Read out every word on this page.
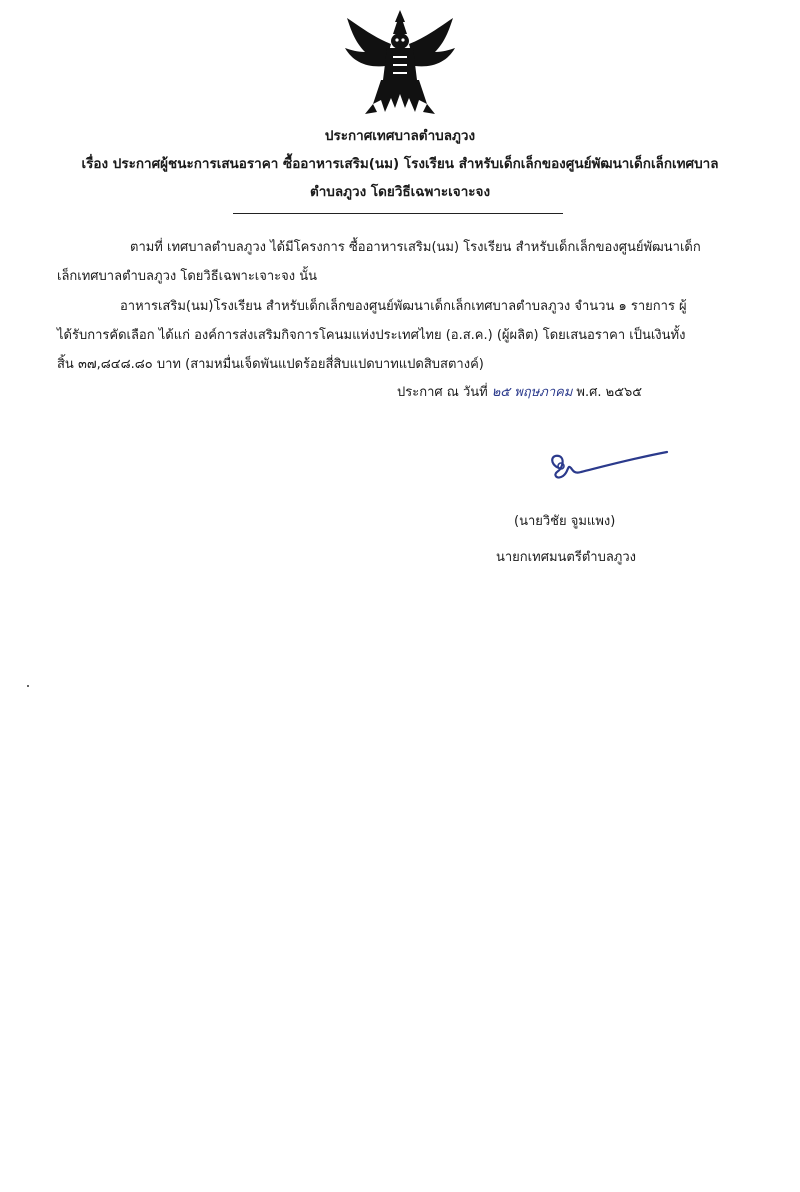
ประกาศเทศบาลตำบลภูวง
เรื่อง ประกาศผู้ชนะการเสนอราคา ซื้ออาหารเสริม(นม) โรงเรียน สำหรับเด็กเล็กของศูนย์พัฒนาเด็กเล็กเทศบาล
ตำบลภูวง โดยวิธีเฉพาะเจาะจง
ตามที่ เทศบาลตำบลภูวง ได้มีโครงการ ซื้ออาหารเสริม(นม) โรงเรียน สำหรับเด็กเล็กของศูนย์พัฒนาเด็ก
เล็กเทศบาลตำบลภูวง โดยวิธีเฉพาะเจาะจง นั้น
อาหารเสริม(นม)โรงเรียน สำหรับเด็กเล็กของศูนย์พัฒนาเด็กเล็กเทศบาลตำบลภูวง จำนวน ๑ รายการ ผู้
ได้รับการคัดเลือก ได้แก่ องค์การส่งเสริมกิจการโคนมแห่งประเทศไทย (อ.ส.ค.) (ผู้ผลิต) โดยเสนอราคา เป็นเงินทั้ง
สิ้น ๓๗,๘๔๘.๘๐ บาท (สามหมื่นเจ็ดพันแปดร้อยสี่สิบแปดบาทแปดสิบสตางค์)
ประกาศ ณ วันที่ ๒๕ พฤษภาคม พ.ศ. ๒๕๖๕
(นายวิชัย จูมแพง)
นายกเทศมนตรีตำบลภูวง
